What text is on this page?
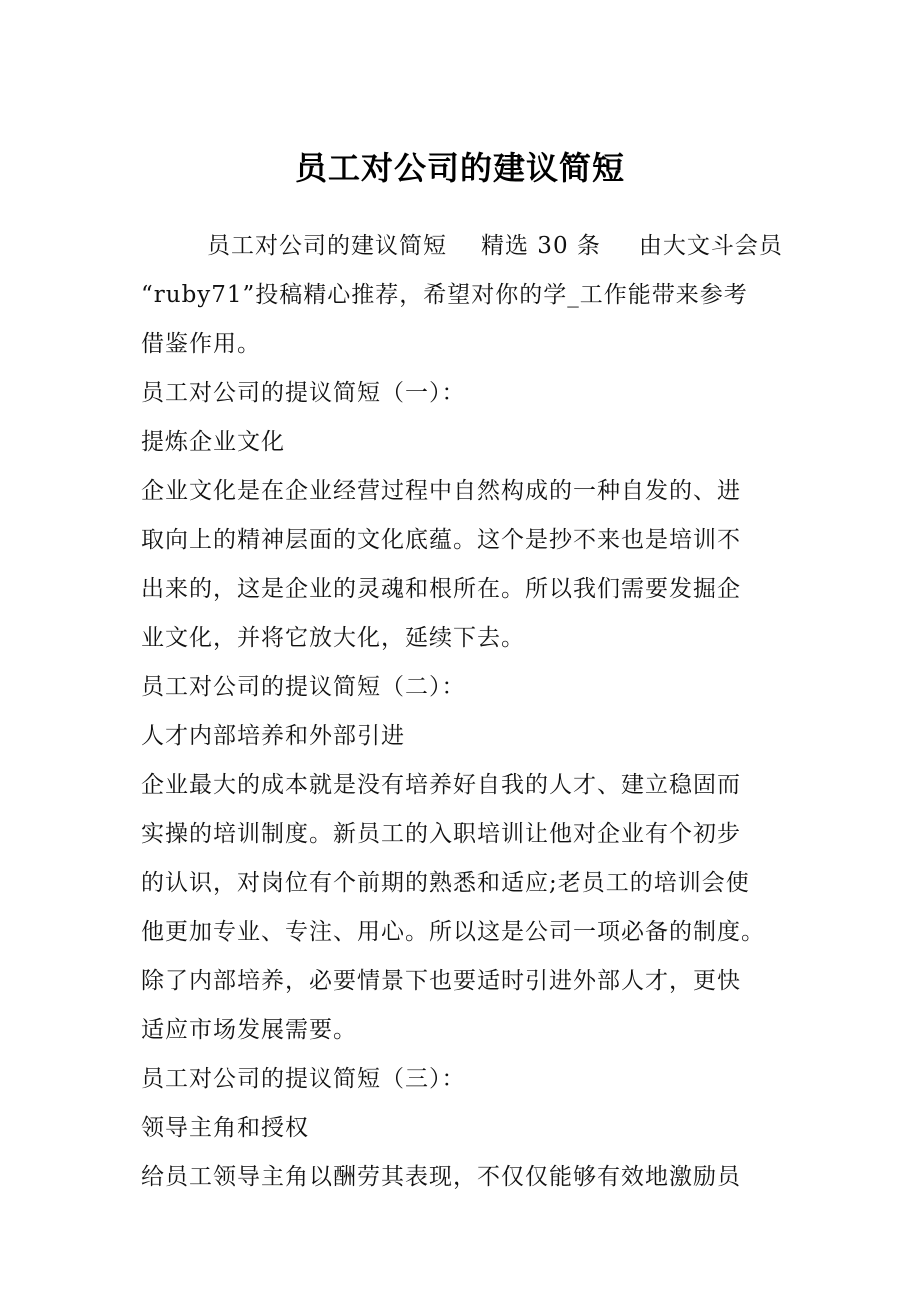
员工对公司的建议简短
员工对公司的建议简短 精选 30 条 由大文斗会员
“ruby71”投稿精心推荐，希望对你的学_工作能带来参考
借鉴作用。
员工对公司的提议简短（一）：
提炼企业文化
企业文化是在企业经营过程中自然构成的一种自发的、进
取向上的精神层面的文化底蕴。这个是抄不来也是培训不
出来的，这是企业的灵魂和根所在。所以我们需要发掘企
业文化，并将它放大化，延续下去。
员工对公司的提议简短（二）：
人才内部培养和外部引进
企业最大的成本就是没有培养好自我的人才、建立稳固而
实操的培训制度。新员工的入职培训让他对企业有个初步
的认识，对岗位有个前期的熟悉和适应;老员工的培训会使
他更加专业、专注、用心。所以这是公司一项必备的制度。
除了内部培养，必要情景下也要适时引进外部人才，更快
适应市场发展需要。
员工对公司的提议简短（三）：
领导主角和授权
给员工领导主角以酬劳其表现，不仅仅能够有效地激励员
